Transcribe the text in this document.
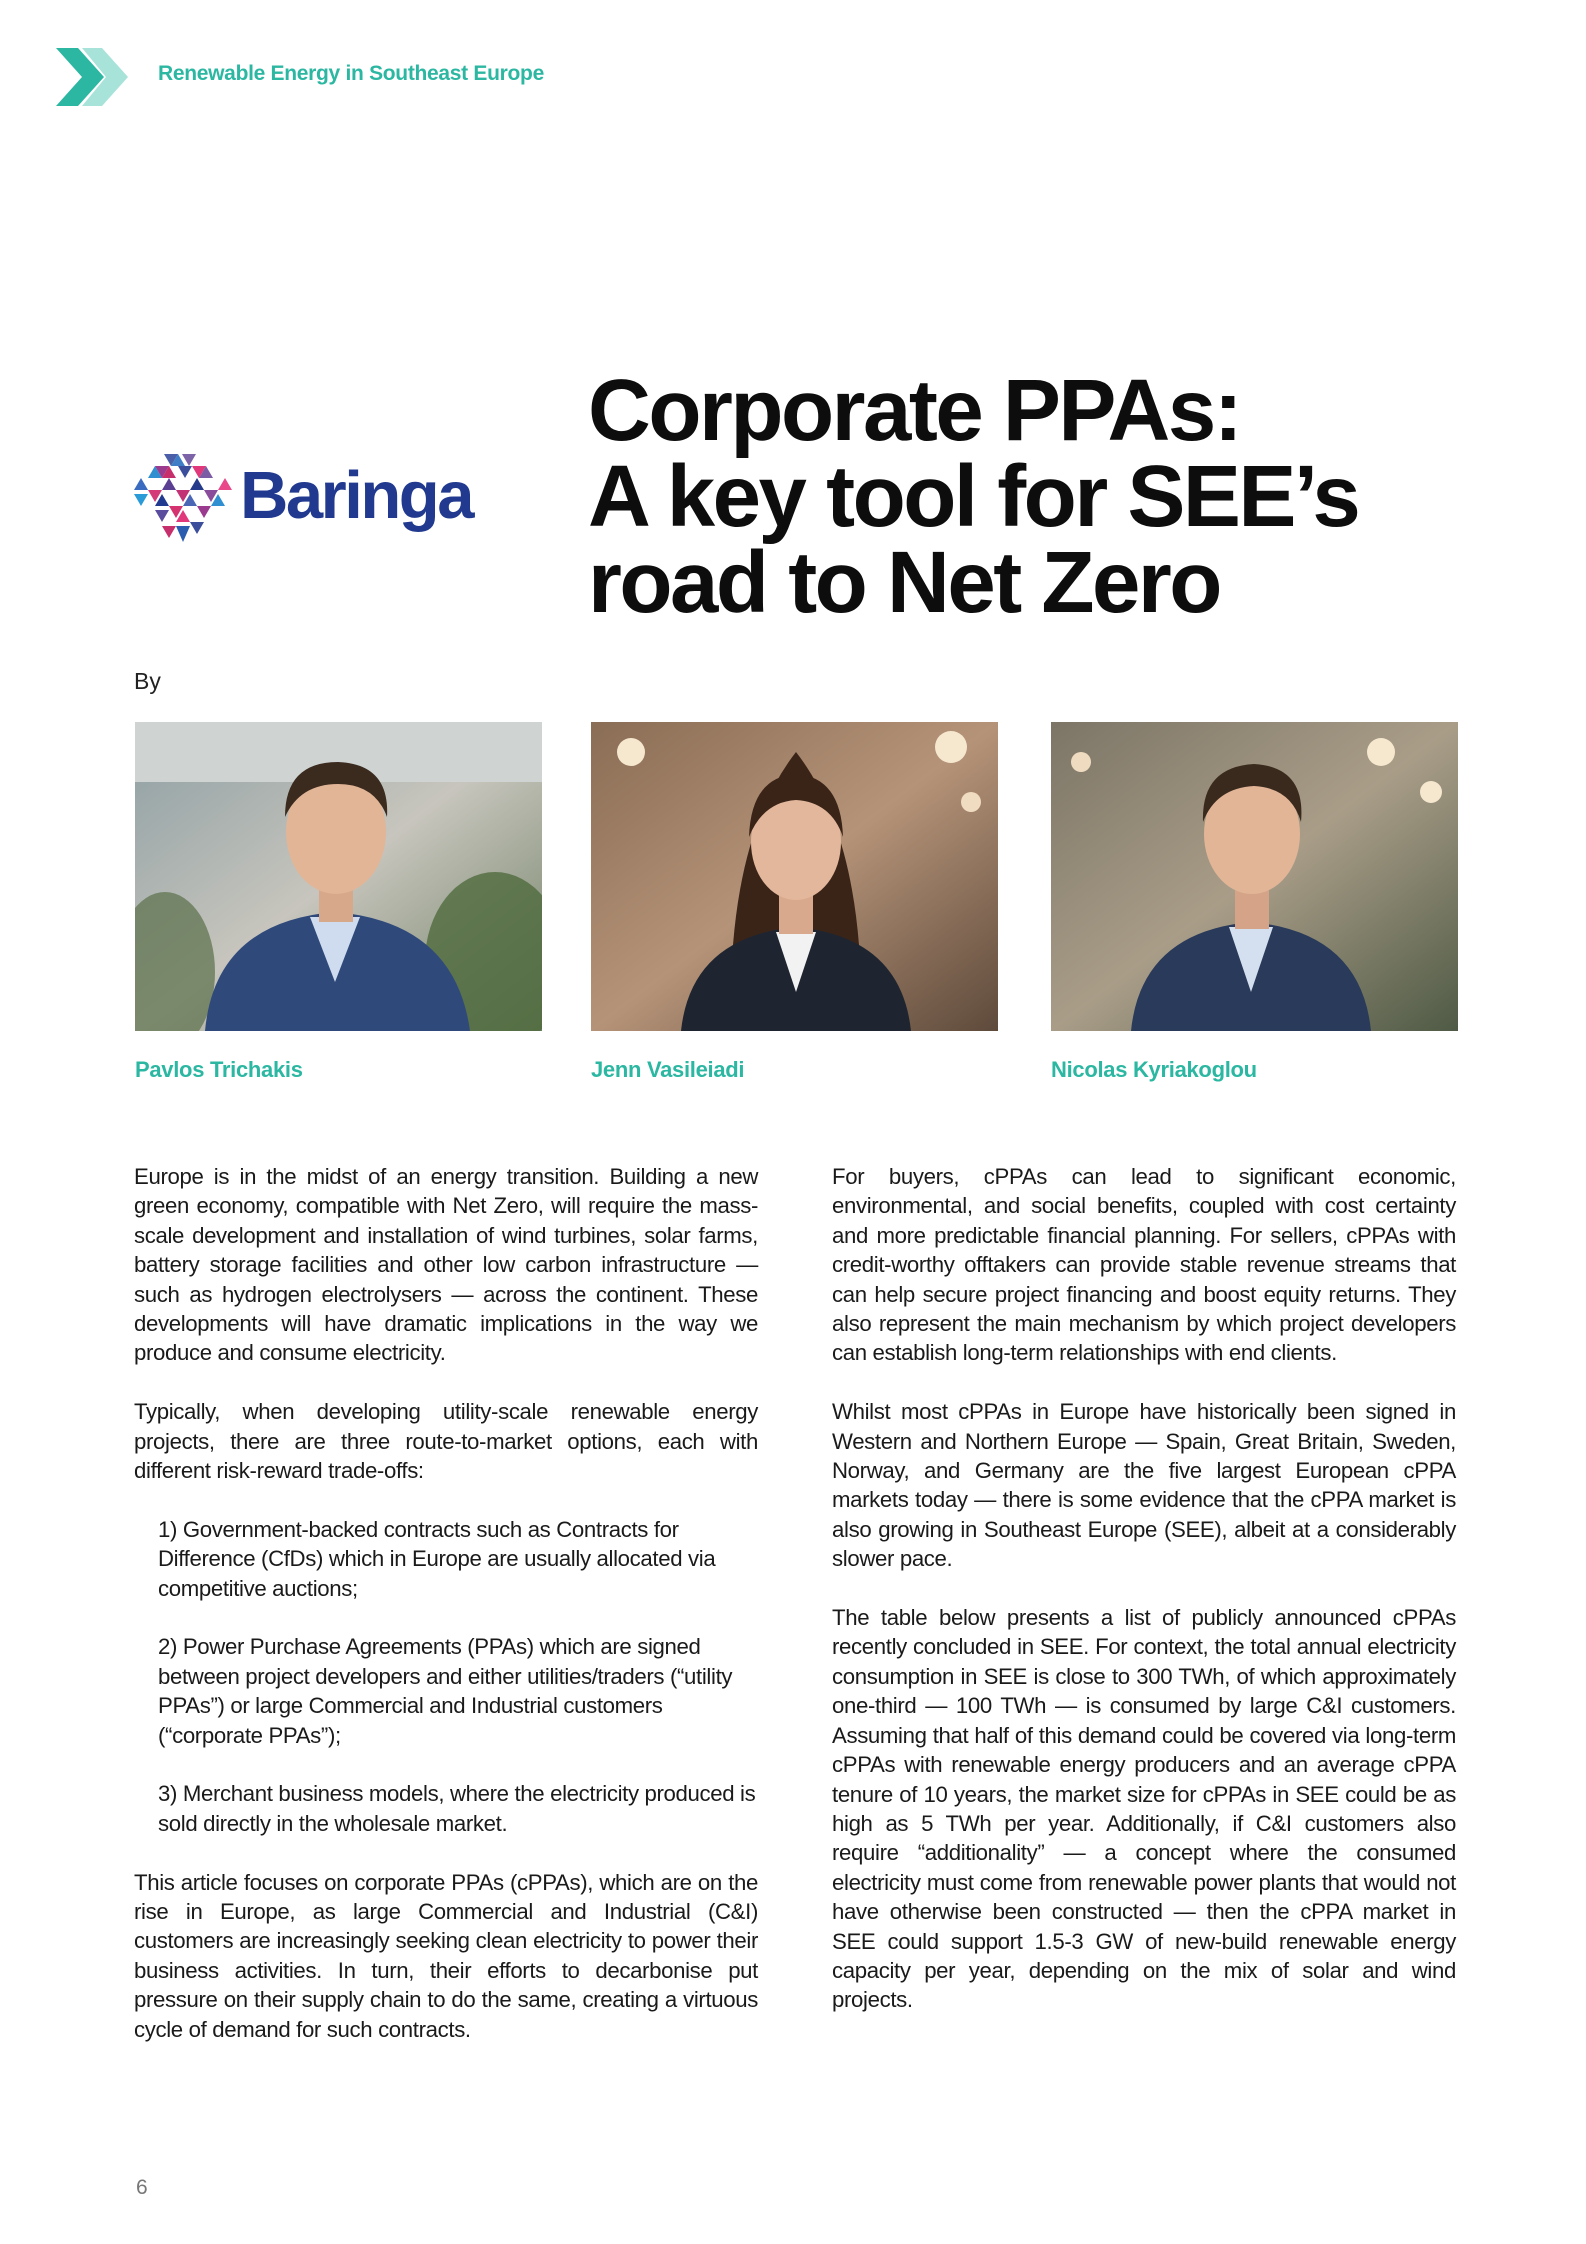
Renewable Energy in Southeast Europe
Baringa
Corporate PPAs:
A key tool for SEE’s
road to Net Zero
By
Pavlos Trichakis	Jenn Vasileiadi	Nicolas Kyriakoglou

Europe is in the midst of an energy transition. Building a new green economy, compatible with Net Zero, will require the mass-scale development and installation of wind turbines, solar farms, battery storage facilities and other low carbon infrastructure — such as hydrogen electrolysers — across the continent. These developments will have dramatic implications in the way we produce and consume electricity.

Typically, when developing utility-scale renewable energy projects, there are three route-to-market options, each with different risk-reward trade-offs:

1) Government-backed contracts such as Contracts for Difference (CfDs) which in Europe are usually allocated via competitive auctions;

2) Power Purchase Agreements (PPAs) which are signed between project developers and either utilities/traders (“utility PPAs”) or large Commercial and Industrial customers (“corporate PPAs”);

3) Merchant business models, where the electricity produced is sold directly in the wholesale market.

This article focuses on corporate PPAs (cPPAs), which are on the rise in Europe, as large Commercial and Industrial (C&I) customers are increasingly seeking clean electricity to power their business activities. In turn, their efforts to decarbonise put pressure on their supply chain to do the same, creating a virtuous cycle of demand for such contracts.

For buyers, cPPAs can lead to significant economic, environmental, and social benefits, coupled with cost certainty and more predictable financial planning. For sellers, cPPAs with credit-worthy offtakers can provide stable revenue streams that can help secure project financing and boost equity returns. They also represent the main mechanism by which project developers can establish long-term relationships with end clients.

Whilst most cPPAs in Europe have historically been signed in Western and Northern Europe — Spain, Great Britain, Sweden, Norway, and Germany are the five largest European cPPA markets today — there is some evidence that the cPPA market is also growing in Southeast Europe (SEE), albeit at a considerably slower pace.

The table below presents a list of publicly announced cPPAs recently concluded in SEE. For context, the total annual electricity consumption in SEE is close to 300 TWh, of which approximately one-third — 100 TWh — is consumed by large C&I customers. Assuming that half of this demand could be covered via long-term cPPAs with renewable energy producers and an average cPPA tenure of 10 years, the market size for cPPAs in SEE could be as high as 5 TWh per year. Additionally, if C&I customers also require “additionality” — a concept where the consumed electricity must come from renewable power plants that would not have otherwise been constructed — then the cPPA market in SEE could support 1.5-3 GW of new-build renewable energy capacity per year, depending on the mix of solar and wind projects.

6
